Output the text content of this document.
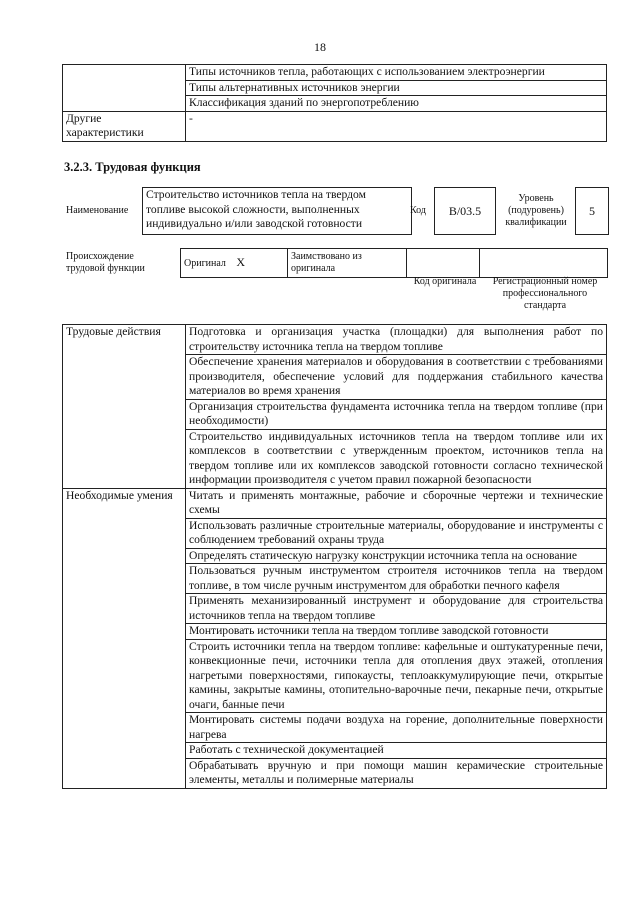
18
	Типы источников тепла, работающих с использованием электроэнергии
	Типы альтернативных источников энергии
	Классификация зданий по энергопотреблению
Другие характеристики	-
3.2.3. Трудовая функция
Наименование
Строительство источников тепла на твердом топливе высокой сложности, выполненных индивидуально и/или заводской готовности
Код	B/03.5
Уровень (подуровень) квалификации
5
Происхождение трудовой функции	Оригинал X	Заимствовано из оригинала		
Код оригинала	Регистрационный номер профессионального стандарта
Трудовые действия	Подготовка и организация участка (площадки) для выполнения работ по строительству источника тепла на твердом топливе
	Обеспечение хранения материалов и оборудования в соответствии с требованиями производителя, обеспечение условий для поддержания стабильного качества материалов во время хранения
	Организация строительства фундамента источника тепла на твердом топливе (при необходимости)
	Строительство индивидуальных источников тепла на твердом топливе или их комплексов в соответствии с утвержденным проектом, источников тепла на твердом топливе или их комплексов заводской готовности согласно технической информации производителя с учетом правил пожарной безопасности
Необходимые умения	Читать и применять монтажные, рабочие и сборочные чертежи и технические схемы
	Использовать различные строительные материалы, оборудование и инструменты с соблюдением требований охраны труда
	Определять статическую нагрузку конструкции источника тепла на основание
	Пользоваться ручным инструментом строителя источников тепла на твердом топливе, в том числе ручным инструментом для обработки печного кафеля
	Применять механизированный инструмент и оборудование для строительства источников тепла на твердом топливе
	Монтировать источники тепла на твердом топливе заводской готовности
	Строить источники тепла на твердом топливе: кафельные и оштукатуренные печи, конвекционные печи, источники тепла для отопления двух этажей, отопления нагретыми поверхностями, гипокаусты, теплоаккумулирующие печи, открытые камины, закрытые камины, отопительно-варочные печи, пекарные печи, открытые очаги, банные печи
	Монтировать системы подачи воздуха на горение, дополнительные поверхности нагрева
	Работать с технической документацией
	Обрабатывать вручную и при помощи машин керамические строительные элементы, металлы и полимерные материалы
